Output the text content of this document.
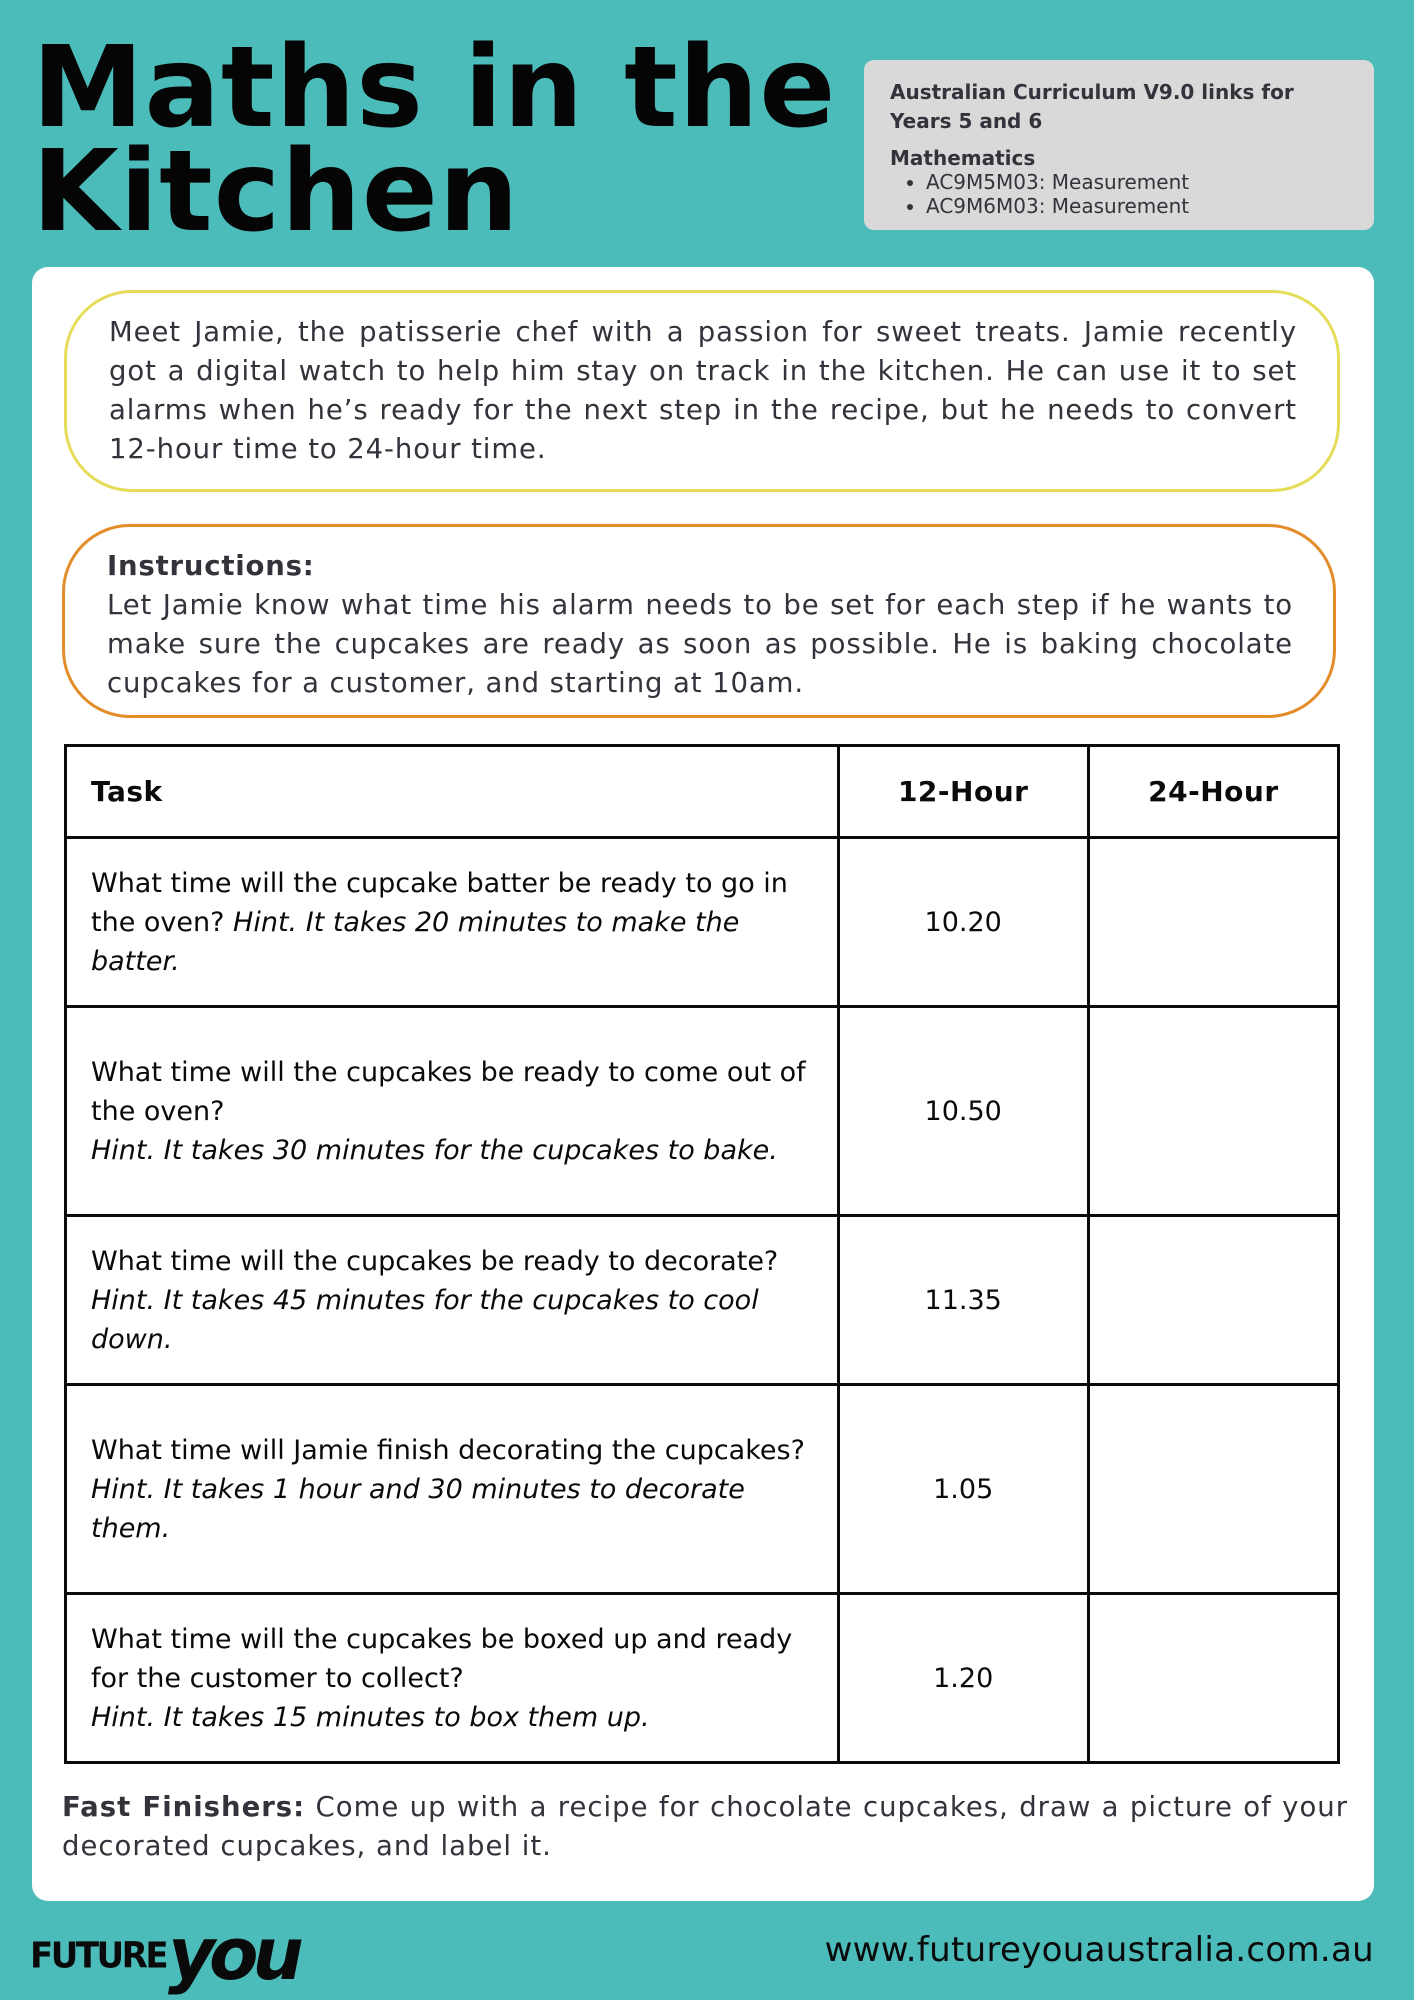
Maths in the
Kitchen

Australian Curriculum V9.0 links for Years 5 and 6

Mathematics

• AC9M5M03: Measurement
• AC9M6M03: Measurement
Meet Jamie, the patisserie chef with a passion for sweet treats. Jamie recently got a digital watch to help him stay on track in the kitchen. He can use it to set alarms when he’s ready for the next step in the recipe, but he needs to convert 12-hour time to 24-hour time.
Instructions:
Let Jamie know what time his alarm needs to be set for each step if he wants to make sure the cupcakes are ready as soon as possible. He is baking chocolate cupcakes for a customer, and starting at 10am.
Task	12-Hour	24-Hour
What time will the cupcake batter be ready to go in the oven? Hint. It takes 20 minutes to make the batter.	10.20	
What time will the cupcakes be ready to come out of the oven?
Hint. It takes 30 minutes for the cupcakes to bake.	10.50	
What time will the cupcakes be ready to decorate?
Hint. It takes 45 minutes for the cupcakes to cool down.	11.35	
What time will Jamie finish decorating the cupcakes?
Hint. It takes 1 hour and 30 minutes to decorate them.	1.05	
What time will the cupcakes be boxed up and ready for the customer to collect?
Hint. It takes 15 minutes to box them up.	1.20	
Fast Finishers: Come up with a recipe for chocolate cupcakes, draw a picture of your decorated cupcakes, and label it.
FUTURE you	www.futureyouaustralia.com.au
